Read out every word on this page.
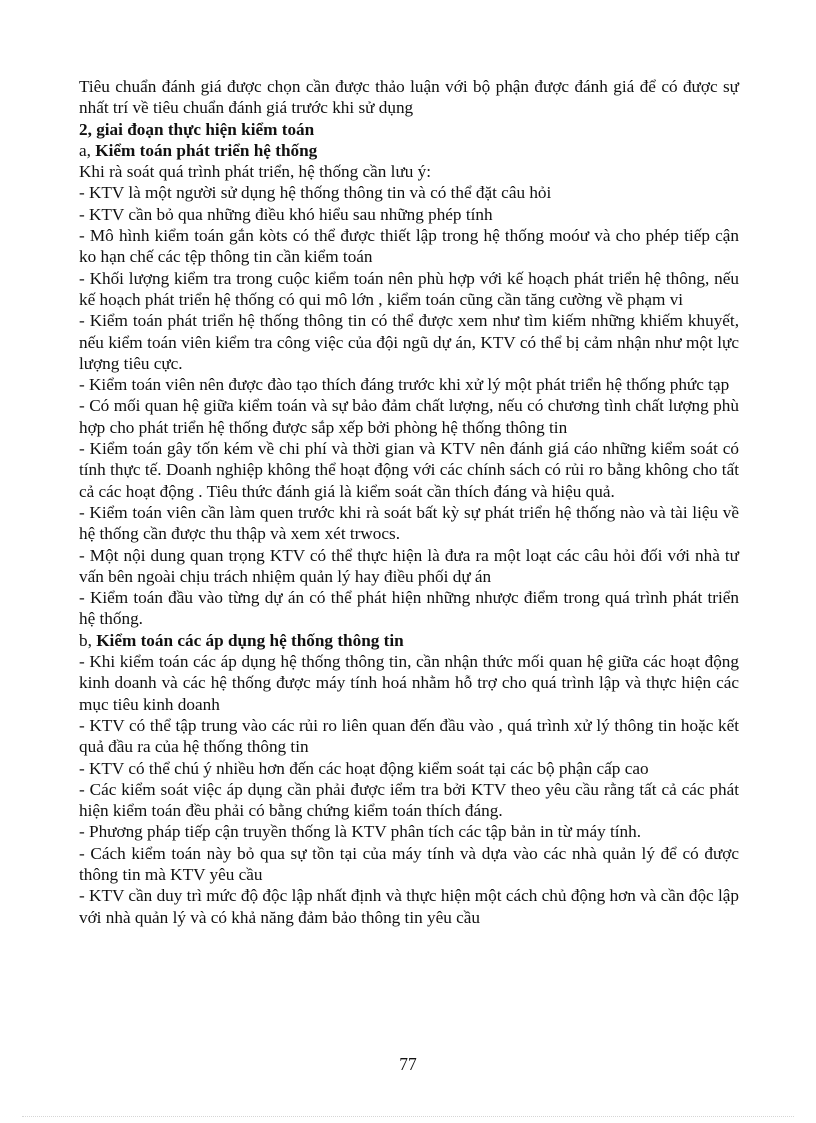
Tiêu chuẩn đánh giá được chọn cần được thảo luận với bộ phận được đánh giá để có được sự nhất trí về tiêu chuẩn đánh giá trước khi sử dụng

2, giai đoạn thực hiện kiểm toán

a, Kiểm toán phát triển hệ thống

Khi rà soát quá trình phát triển, hệ thống cần lưu ý:

- KTV là một người sử dụng hệ thống thông tin và có thể đặt câu hỏi

- KTV cần bỏ qua những điều khó hiểu sau những phép tính

- Mô hình kiểm toán gắn kòts có thể được thiết lập trong hệ thống moóư và cho phép tiếp cận ko hạn chế các tệp thông tin cần kiểm toán

- Khối lượng kiểm tra trong cuộc kiểm toán nên phù hợp với kế hoạch phát triển hệ thông, nếu kế hoạch phát triển hệ thống có qui mô lớn , kiểm toán cũng cần tăng cường về phạm vi

- Kiểm toán phát triển hệ thống thông tin có thể được xem như tìm kiếm những khiếm khuyết, nếu kiểm toán viên kiểm tra công việc của đội ngũ dự án, KTV có thể bị cảm nhận như một lực lượng tiêu cực.

- Kiểm toán viên nên được đào tạo thích đáng trước khi xử lý một phát triển hệ thống phức tạp

- Có mối quan hệ giữa kiểm toán và sự bảo đảm chất lượng, nếu có chương tình chất lượng phù hợp cho phát triển hệ thống được sắp xếp bởi phòng hệ thống thông tin

- Kiểm toán gây tốn kém về chi phí và thời gian và KTV nên đánh giá cáo những kiểm soát có tính thực tế. Doanh nghiệp không thể hoạt động với các chính sách có rủi ro bằng không cho tất cả các hoạt động . Tiêu thức đánh giá là kiểm soát cần thích đáng và hiệu quả.

- Kiểm toán viên cần làm quen trước khi rà soát bất kỳ sự phát triển hệ thống nào và tài liệu về hệ thống cần được thu thập và xem xét trwocs.

- Một nội dung quan trọng KTV có thể thực hiện là đưa ra một loạt các câu hỏi đối với nhà tư vấn bên ngoài chịu trách nhiệm quản lý hay điều phối dự án

- Kiểm toán đầu vào từng dự án có thể phát hiện những nhược điểm trong quá trình phát triển hệ thống.

b, Kiểm toán các áp dụng hệ thống thông tin

- Khi kiểm toán các áp dụng hệ thống thông tin, cần nhận thức mối quan hệ giữa các hoạt động kinh doanh và các hệ thống được máy tính hoá nhằm hỗ trợ cho quá trình lập và thực hiện các mục tiêu kinh doanh

- KTV có thể tập trung vào các rủi ro liên quan đến đầu vào , quá trình xử lý thông tin hoặc kết quả đầu ra của hệ thống thông tin

- KTV có thể chú ý nhiều hơn đến các hoạt động kiểm soát tại các bộ phận cấp cao

- Các kiểm soát việc áp dụng cần phải được iểm tra bởi KTV theo yêu cầu rằng tất cả các phát hiện kiểm toán đều phải có bằng chứng kiểm toán thích đáng.

- Phương pháp tiếp cận truyền thống là KTV phân tích các tập bản in từ máy tính.

- Cách kiểm toán này bỏ qua sự tồn tại của máy tính và dựa vào các nhà quản lý để có được thông tin mà KTV yêu cầu

- KTV cần duy trì mức độ độc lập nhất định và thực hiện một cách chủ động hơn và cần độc lập với nhà quản lý và có khả năng đảm bảo thông tin yêu cầu

77
